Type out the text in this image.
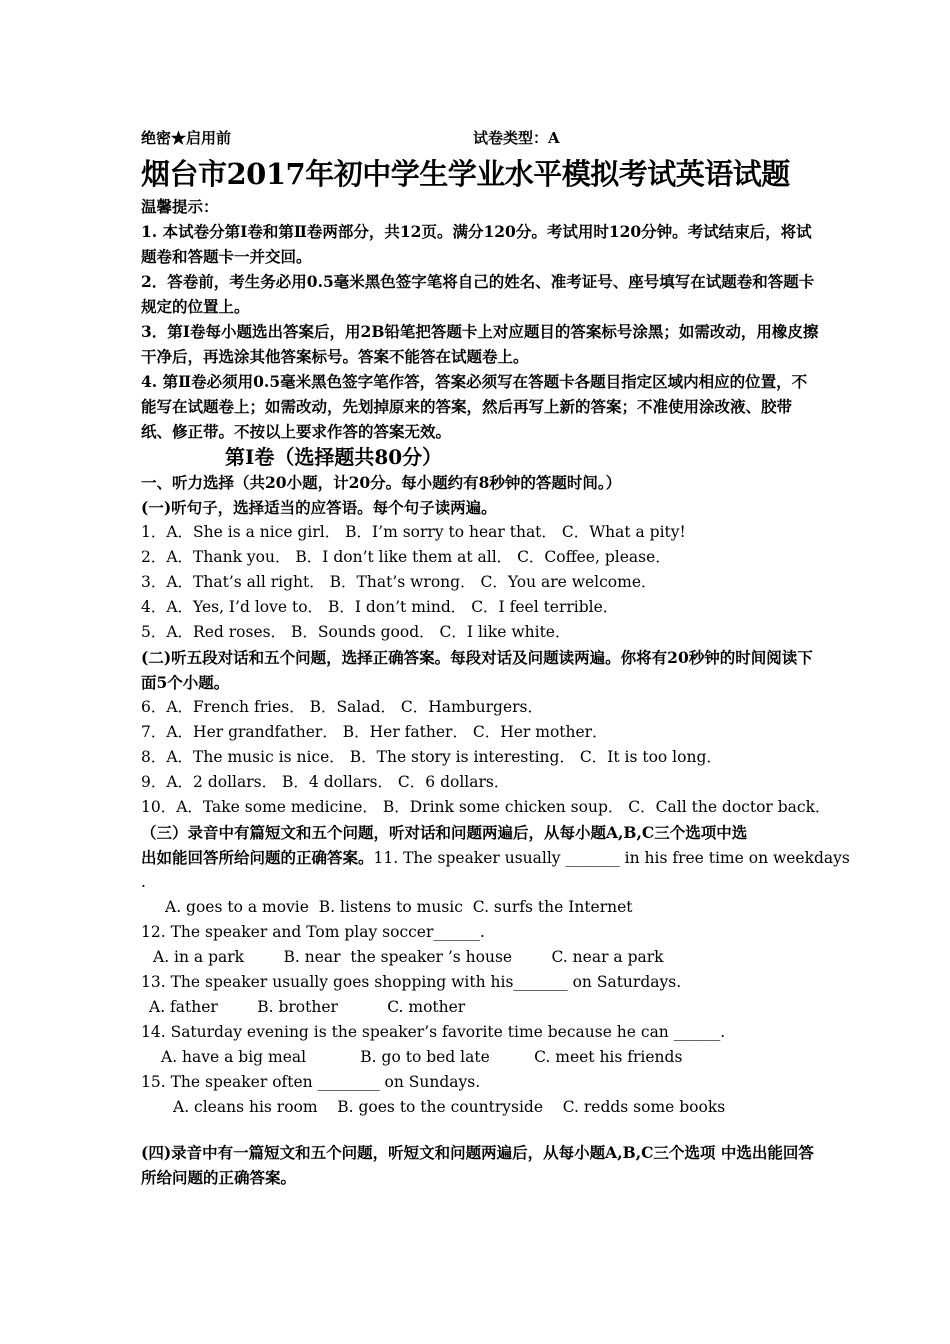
绝密★启用前	试卷类型：A
烟台市2017年初中学生学业水平模拟考试英语试题
温馨提示：
1. 本试卷分第Ⅰ卷和第Ⅱ卷两部分，共12页。满分120分。考试用时120分钟。考试结束后，将试题卷和答题卡一并交回。
2．答卷前，考生务必用0.5毫米黑色签字笔将自己的姓名、准考证号、座号填写在试题卷和答题卡规定的位置上。
3．第Ⅰ卷每小题选出答案后，用2B铅笔把答题卡上对应题目的答案标号涂黑；如需改动，用橡皮擦干净后，再选涂其他答案标号。答案不能答在试题卷上。
4. 第Ⅱ卷必须用0.5毫米黑色签字笔作答，答案必须写在答题卡各题目指定区域内相应的位置，不能写在试题卷上；如需改动，先划掉原来的答案，然后再写上新的答案；不准使用涂改液、胶带纸、修正带。不按以上要求作答的答案无效。
第I卷（选择题共80分）
一、听力选择（共20小题，计20分。每小题约有8秒钟的答题时间。）
(一)听句子，选择适当的应答语。每个句子读两遍。
1．A．She is a nice girl． B．I’m sorry to hear that． C．What a pity!
2．A．Thank you． B．I don’t like them at all． C．Coffee, please．
3．A．That’s all right． B．That’s wrong． C．You are welcome．
4．A．Yes, I’d love to． B．I don’t mind． C．I feel terrible．
5．A．Red roses． B．Sounds good． C．I like white．
(二)听五段对话和五个问题，选择正确答案。每段对话及问题读两遍。你将有20秒钟的时间阅读下面5个小题。
6．A．French fries． B．Salad． C．Hamburgers．
7．A．Her grandfather． B．Her father． C．Her mother．
8．A．The music is nice． B．The story is interesting． C．It is too long．
9．A．2 dollars． B．4 dollars． C．6 dollars．
10．A．Take some medicine． B．Drink some chicken soup． C．Call the doctor back．
（三）录音中有篇短文和五个问题，听对话和问题两遍后，从每小题A,B,C三个选项中选
出如能回答所给问题的正确答案。11. The speaker usually _______ in his free time on weekdays
.
A. goes to a movie  B. listens to music  C. surfs the Internet
12. The speaker and Tom play soccer______.
A. in a park        B. near  the speaker ’s house        C. near a park
13. The speaker usually goes shopping with his_______ on Saturdays.
A. father        B. brother          C. mother
14. Saturday evening is the speaker’s favorite time because he can ______.
A. have a big meal           B. go to bed late         C. meet his friends
15. The speaker often ________ on Sundays.
A. cleans his room    B. goes to the countryside    C. redds some books
(四)录音中有一篇短文和五个问题，听短文和问题两遍后，从每小题A,B,C三个选项 中选出能回答所给问题的正确答案。
